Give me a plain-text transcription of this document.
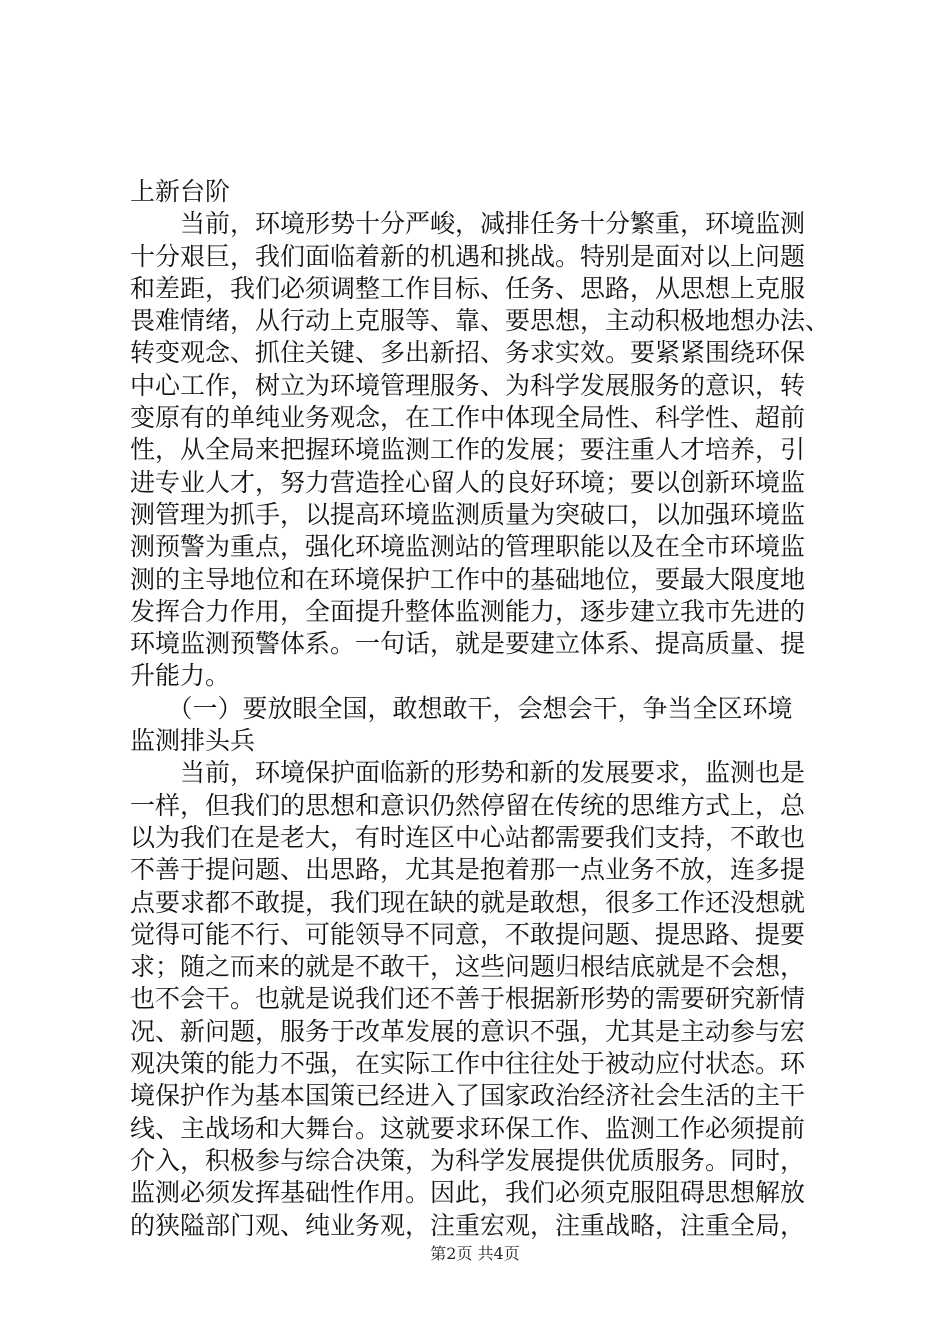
上新台阶
　　当前，环境形势十分严峻，减排任务十分繁重，环境监测
十分艰巨，我们面临着新的机遇和挑战。特别是面对以上问题
和差距，我们必须调整工作目标、任务、思路，从思想上克服
畏难情绪，从行动上克服等、靠、要思想，主动积极地想办法、
转变观念、抓住关键、多出新招、务求实效。要紧紧围绕环保
中心工作，树立为环境管理服务、为科学发展服务的意识，转
变原有的单纯业务观念，在工作中体现全局性、科学性、超前
性，从全局来把握环境监测工作的发展；要注重人才培养，引
进专业人才，努力营造拴心留人的良好环境；要以创新环境监
测管理为抓手，以提高环境监测质量为突破口，以加强环境监
测预警为重点，强化环境监测站的管理职能以及在全市环境监
测的主导地位和在环境保护工作中的基础地位，要最大限度地
发挥合力作用，全面提升整体监测能力，逐步建立我市先进的
环境监测预警体系。一句话，就是要建立体系、提高质量、提
升能力。
　　（一）要放眼全国，敢想敢干，会想会干，争当全区环境
监测排头兵
　　当前，环境保护面临新的形势和新的发展要求，监测也是
一样，但我们的思想和意识仍然停留在传统的思维方式上，总
以为我们在是老大，有时连区中心站都需要我们支持，不敢也
不善于提问题、出思路，尤其是抱着那一点业务不放，连多提
点要求都不敢提，我们现在缺的就是敢想，很多工作还没想就
觉得可能不行、可能领导不同意，不敢提问题、提思路、提要
求；随之而来的就是不敢干，这些问题归根结底就是不会想，
也不会干。也就是说我们还不善于根据新形势的需要研究新情
况、新问题，服务于改革发展的意识不强，尤其是主动参与宏
观决策的能力不强，在实际工作中往往处于被动应付状态。环
境保护作为基本国策已经进入了国家政治经济社会生活的主干
线、主战场和大舞台。这就要求环保工作、监测工作必须提前
介入，积极参与综合决策，为科学发展提供优质服务。同时，
监测必须发挥基础性作用。因此，我们必须克服阻碍思想解放
的狭隘部门观、纯业务观，注重宏观，注重战略，注重全局，
第2页 共4页
